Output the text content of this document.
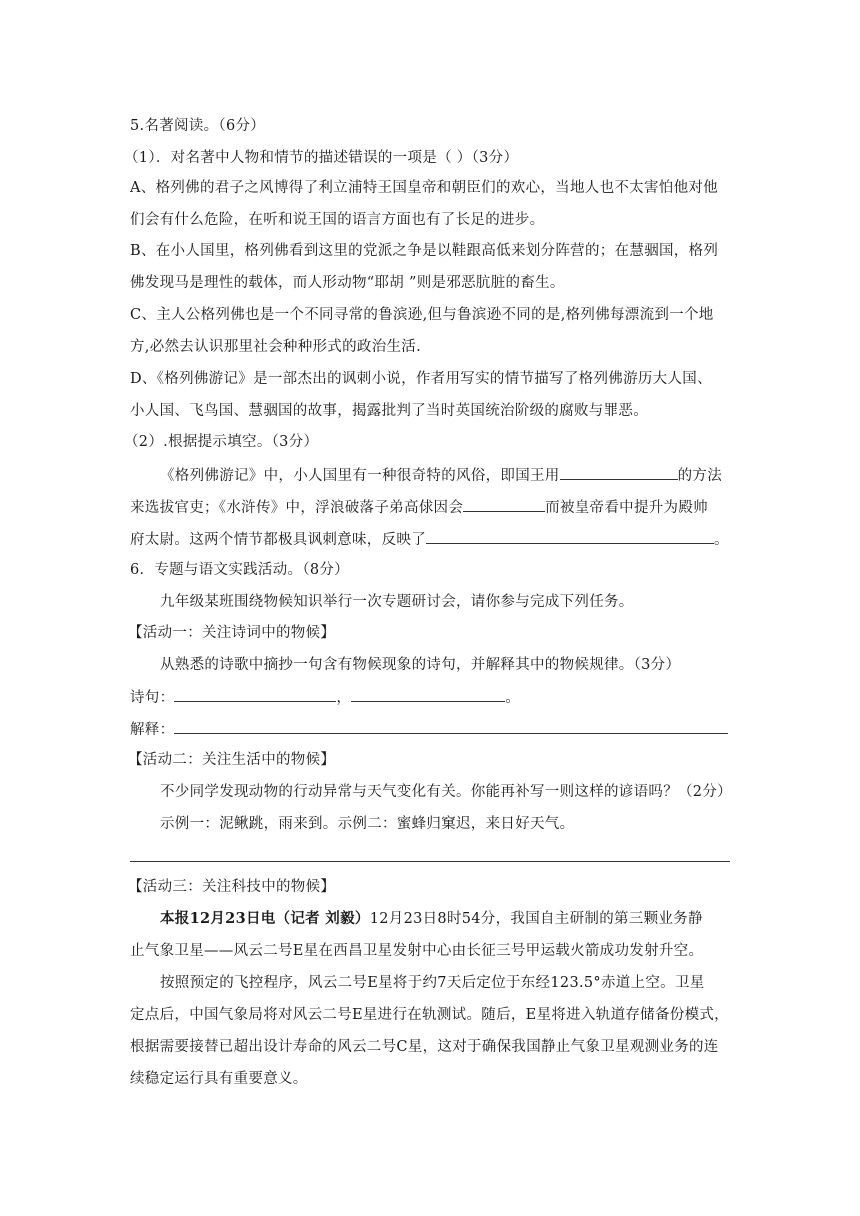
5.名著阅读。（6分）
（1）．对名著中人物和情节的描述错误的一项是（ ）（3分）
A、格列佛的君子之风博得了利立浦特王国皇帝和朝臣们的欢心，当地人也不太害怕他对他
们会有什么危险，在听和说王国的语言方面也有了长足的进步。
B、在小人国里，格列佛看到这里的党派之争是以鞋跟高低来划分阵营的；在慧骃国，格列
佛发现马是理性的载体，而人形动物“耶胡 ”则是邪恶肮脏的畜生。
C、主人公格列佛也是一个不同寻常的鲁滨逊,但与鲁滨逊不同的是,格列佛每漂流到一个地
方,必然去认识那里社会种种形式的政治生活.
D、《格列佛游记》是一部杰出的讽刺小说，作者用写实的情节描写了格列佛游历大人国、
小人国、飞鸟国、慧骃国的故事，揭露批判了当时英国统治阶级的腐败与罪恶。
（2）.根据提示填空。（3分）
《格列佛游记》中，小人国里有一种很奇特的风俗，即国王用	的方法
来选拔官吏；《水浒传》中，浮浪破落子弟高俅因会	而被皇帝看中提升为殿帅
府太尉。这两个情节都极具讽刺意味，反映了	。
6．专题与语文实践活动。（8分）
九年级某班围绕物候知识举行一次专题研讨会，请你参与完成下列任务。
【活动一：关注诗词中的物候】
从熟悉的诗歌中摘抄一句含有物候现象的诗句，并解释其中的物候规律。（3分）
诗句：	，	。
解释：
【活动二：关注生活中的物候】
不少同学发现动物的行动异常与天气变化有关。你能再补写一则这样的谚语吗？（2分）
示例一：泥鳅跳，雨来到。示例二：蜜蜂归窠迟，来日好天气。
【活动三：关注科技中的物候】
本报12月23日电（记者 刘毅）12月23日8时54分，我国自主研制的第三颗业务静
止气象卫星——风云二号E星在西昌卫星发射中心由长征三号甲运载火箭成功发射升空。
按照预定的飞控程序，风云二号E星将于约7天后定位于东经123.5°赤道上空。卫星
定点后，中国气象局将对风云二号E星进行在轨测试。随后，E星将进入轨道存储备份模式，
根据需要接替已超出设计寿命的风云二号C星，这对于确保我国静止气象卫星观测业务的连
续稳定运行具有重要意义。
